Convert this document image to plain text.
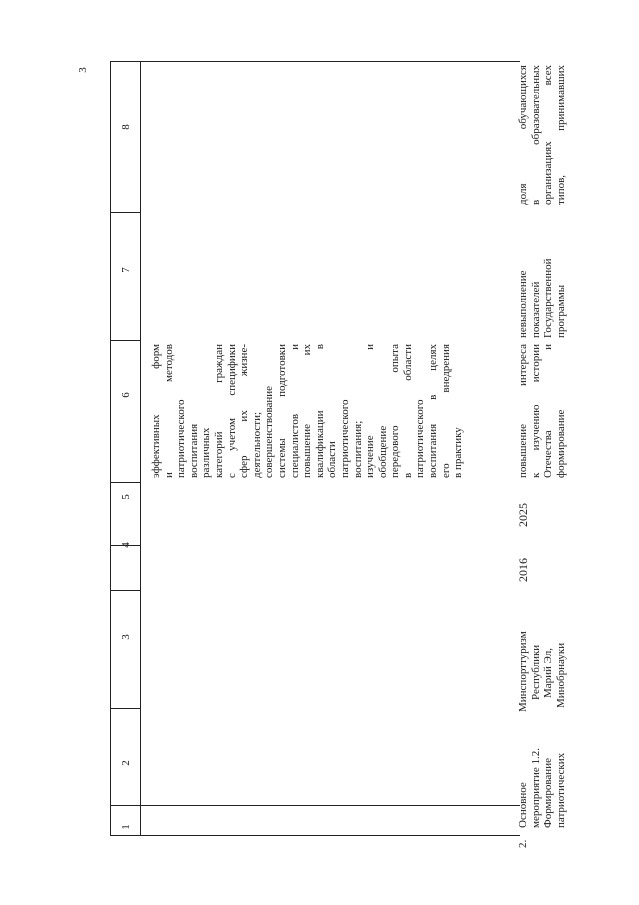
3
1
2
3
4
5
6
7
8
эффективных форм и методов патриотического воспитания различных категорий граждан с учетом специфики сфер их жизне- деятельности; совершенствование системы подготовки специалистов и повышение их квалификации в области патриотического воспитания; изучение и обобщение передового опыта в области патриотического воспитания в целях его внедрения в практику
2.
Основное мероприятие 1.2. Формирование патриотических
Минспорттуризм Республики Марий Эл, Минобрнауки
2016
2025
повышение интереса к изучению истории Отечества и формирование
невыполнение показателей Государственной программы
доля обучающихся в образовательных организациях всех типов, принимавших
